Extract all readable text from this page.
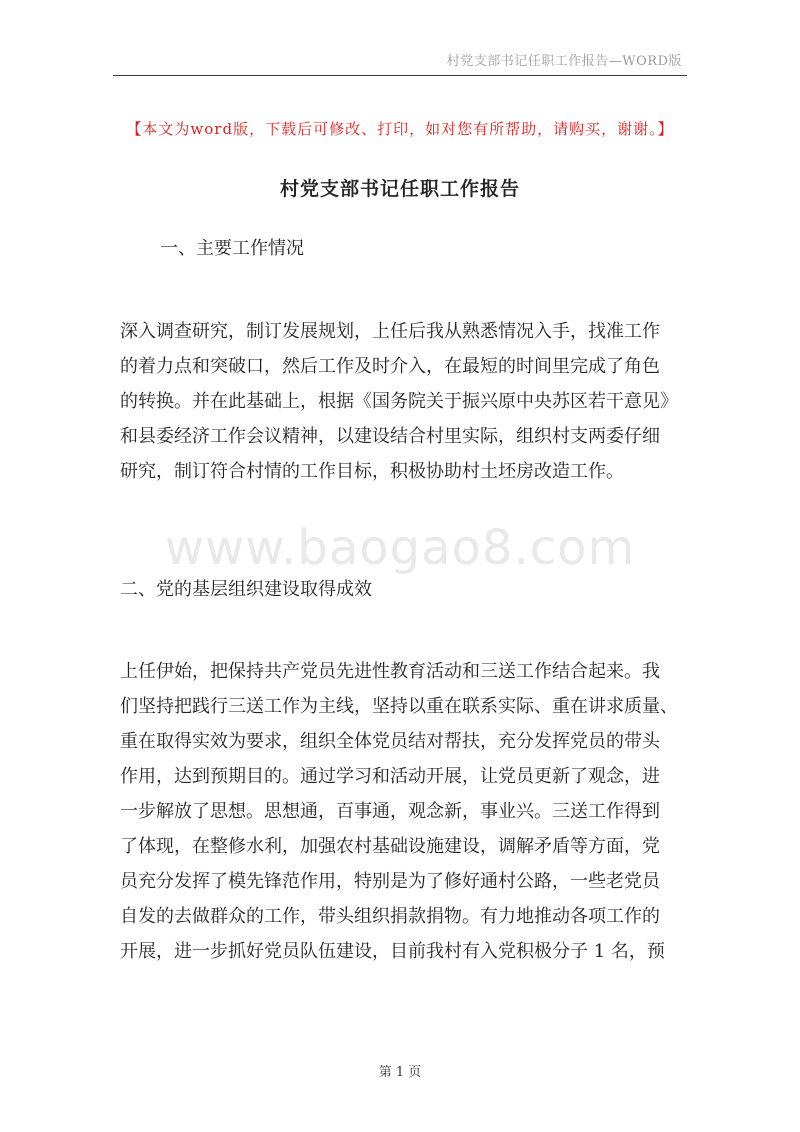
村党支部书记任职工作报告—WORD版
【本文为word版，下载后可修改、打印，如对您有所帮助，请购买，谢谢。】
村党支部书记任职工作报告
一、主要工作情况
深入调查研究，制订发展规划，上任后我从熟悉情况入手，找准工作
的着力点和突破口，然后工作及时介入，在最短的时间里完成了角色
的转换。并在此基础上，根据《国务院关于振兴原中央苏区若干意见》
和县委经济工作会议精神，以建设结合村里实际，组织村支两委仔细
研究，制订符合村情的工作目标，积极协助村土坯房改造工作。
www.baogao8.com
二、党的基层组织建设取得成效
上任伊始，把保持共产党员先进性教育活动和三送工作结合起来。我
们坚持把践行三送工作为主线，坚持以重在联系实际、重在讲求质量、
重在取得实效为要求，组织全体党员结对帮扶，充分发挥党员的带头
作用，达到预期目的。通过学习和活动开展，让党员更新了观念，进
一步解放了思想。思想通，百事通，观念新，事业兴。三送工作得到
了体现，在整修水利，加强农村基础设施建设，调解矛盾等方面，党
员充分发挥了模先锋范作用，特别是为了修好通村公路，一些老党员
自发的去做群众的工作，带头组织捐款捐物。有力地推动各项工作的
开展，进一步抓好党员队伍建设，目前我村有入党积极分子 1 名，预
第 1 页
